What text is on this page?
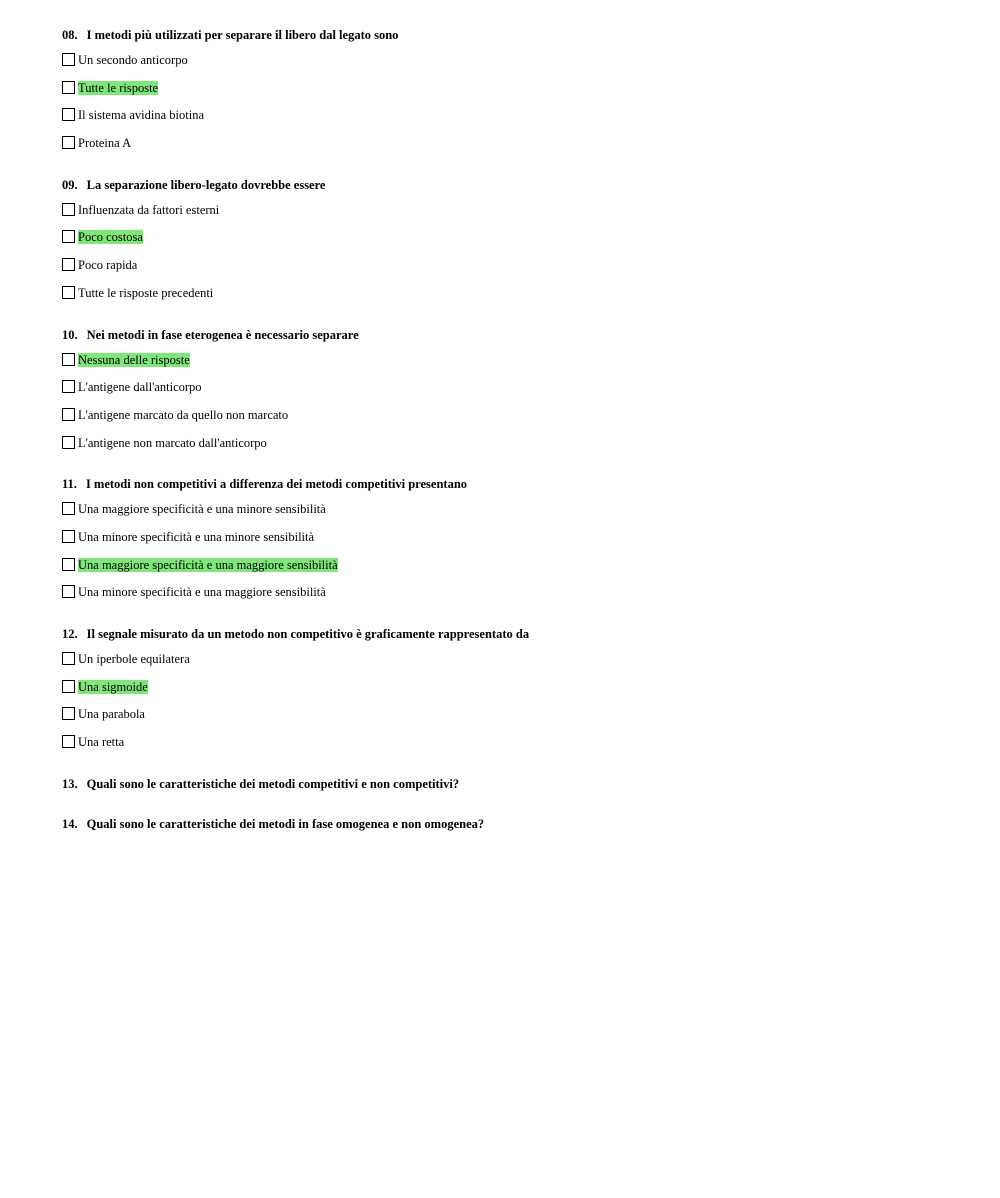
08. I metodi più utilizzati per separare il libero dal legato sono
Un secondo anticorpo
Tutte le risposte
Il sistema avidina biotina
Proteina A
09. La separazione libero-legato dovrebbe essere
Influenzata da fattori esterni
Poco costosa
Poco rapida
Tutte le risposte precedenti
10. Nei metodi in fase eterogenea è necessario separare
Nessuna delle risposte
L'antigene dall'anticorpo
L'antigene marcato da quello non marcato
L'antigene non marcato dall'anticorpo
11. I metodi non competitivi a differenza dei metodi competitivi presentano
Una maggiore specificità e una minore sensibilità
Una minore specificità e una minore sensibilità
Una maggiore specificità e una maggiore sensibilità
Una minore specificità e una maggiore sensibilità
12. Il segnale misurato da un metodo non competitivo è graficamente rappresentato da
Un iperbole equilatera
Una sigmoide
Una parabola
Una retta
13. Quali sono le caratteristiche dei metodi competitivi e non competitivi?
14. Quali sono le caratteristiche dei metodi in fase omogenea e non omogenea?
